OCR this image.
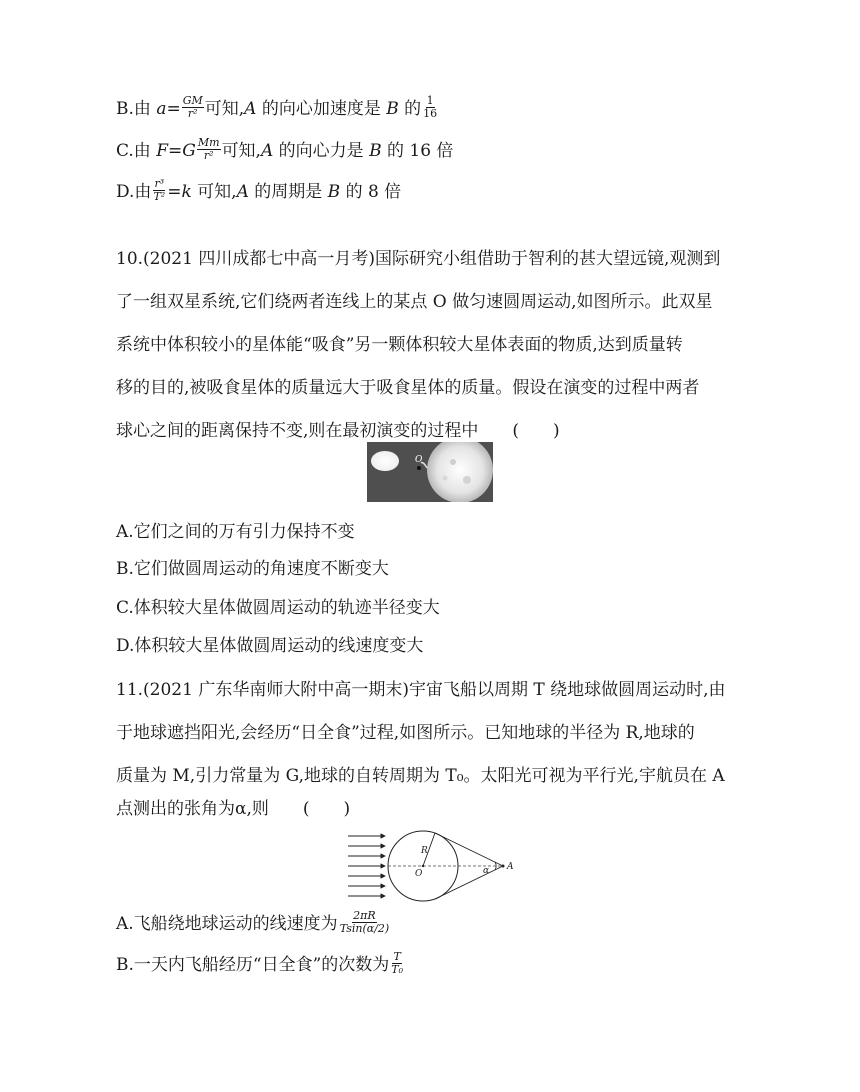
B.由 $a= \frac{GM}{\text{r²}}$ 可知,A 的向心加速度是 B 的 $\frac{1}{16}$
C.由 $F=G \frac{Mm}{\text{r²}}$ 可知,A 的向心力是 B 的 16 倍
D.由 $\frac{\text{r³}}{\text{T²}} =k$ 可知,A 的周期是 B 的 8 倍
10.(2021 四川成都七中高一月考)国际研究小组借助于智利的甚大望远镜,观测到
了一组双星系统,它们绕两者连线上的某点 O 做匀速圆周运动,如图所示。此双星
系统中体积较小的星体能“吸食”另一颗体积较大星体表面的物质,达到质量转
移的目的,被吸食星体的质量远大于吸食星体的质量。假设在演变的过程中两者
球心之间的距离保持不变,则在最初演变的过程中　　(　　)
O
A.它们之间的万有引力保持不变
B.它们做圆周运动的角速度不断变大
C.体积较大星体做圆周运动的轨迹半径变大
D.体积较大星体做圆周运动的线速度变大
11.(2021 广东华南师大附中高一期末)宇宙飞船以周期 T 绕地球做圆周运动时,由
于地球遮挡阳光,会经历“日全食”过程,如图所示。已知地球的半径为 R,地球的
质量为 M,引力常量为 G,地球的自转周期为 T₀。太阳光可视为平行光,宇航员在 A
点测出的张角为α,则　　(　　)
R
O	α A
A.飞船绕地球运动的线速度为 $\frac{2\pi R}{Tsin(\alpha/2)}$
B.一天内飞船经历“日全食”的次数为 $\frac{T}{\text{T₀}}$
